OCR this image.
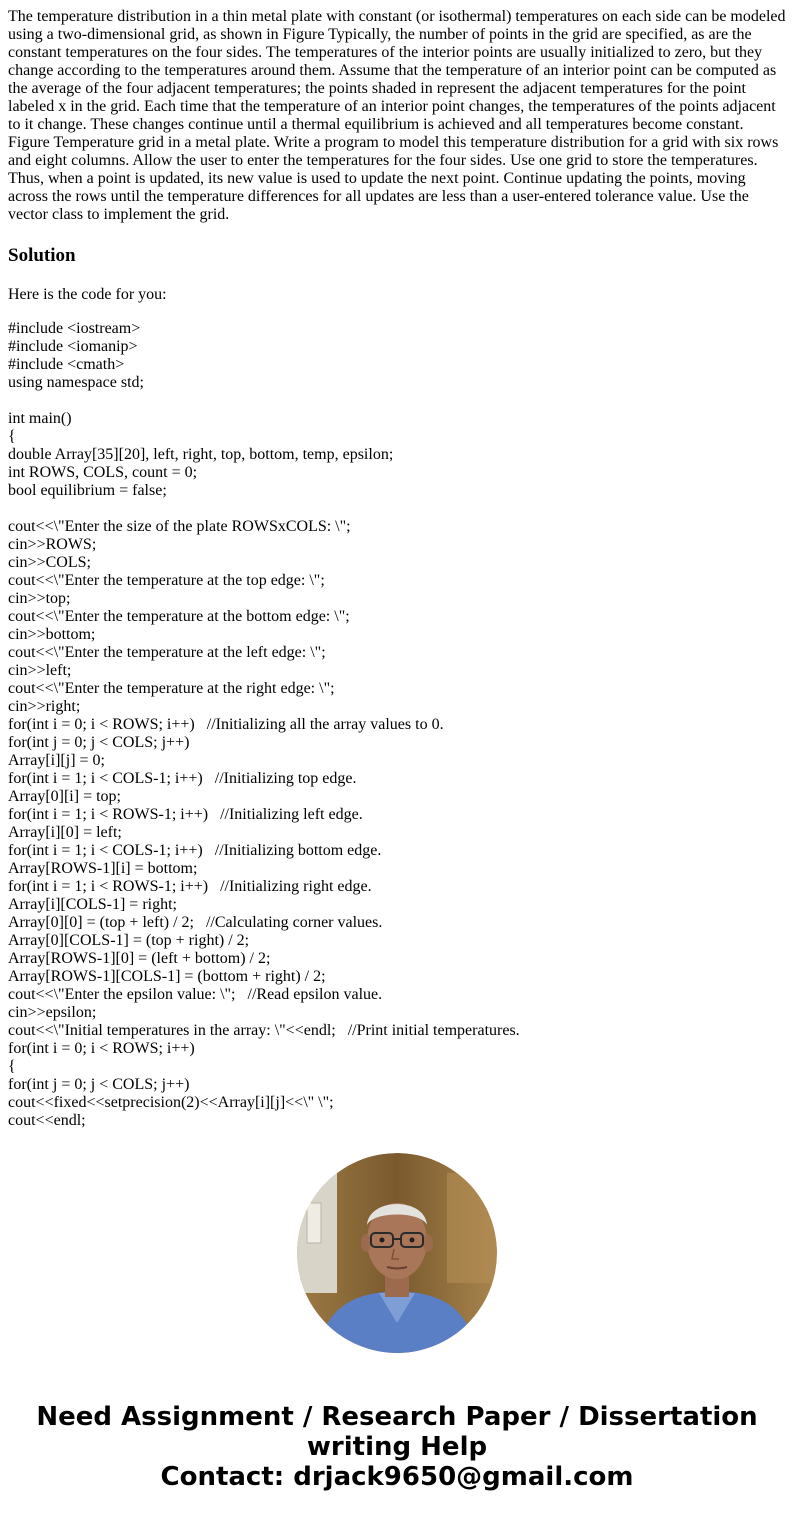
The temperature distribution in a thin metal plate with constant (or isothermal) temperatures on each side can be modeled using a two-dimensional grid, as shown in Figure Typically, the number of points in the grid are specified, as are the constant temperatures on the four sides. The temperatures of the interior points are usually initialized to zero, but they change according to the temperatures around them. Assume that the temperature of an interior point can be computed as the average of the four adjacent temperatures; the points shaded in represent the adjacent temperatures for the point labeled x in the grid. Each time that the temperature of an interior point changes, the temperatures of the points adjacent to it change. These changes continue until a thermal equilibrium is achieved and all temperatures become constant. Figure Temperature grid in a metal plate. Write a program to model this temperature distribution for a grid with six rows and eight columns. Allow the user to enter the temperatures for the four sides. Use one grid to store the temperatures. Thus, when a point is updated, its new value is used to update the next point. Continue updating the points, moving across the rows until the temperature differences for all updates are less than a user-entered tolerance value. Use the vector class to implement the grid.

Solution

Here is the code for you:

#include <iostream>
#include <iomanip>
#include <cmath>
using namespace std;
int main()
{
double Array[35][20], left, right, top, bottom, temp, epsilon;
int ROWS, COLS, count = 0;
bool equilibrium = false;
cout<<\"Enter the size of the plate ROWSxCOLS: \";
cin>>ROWS;
cin>>COLS;
cout<<\"Enter the temperature at the top edge: \";
cin>>top;
cout<<\"Enter the temperature at the bottom edge: \";
cin>>bottom;
cout<<\"Enter the temperature at the left edge: \";
cin>>left;
cout<<\"Enter the temperature at the right edge: \";
cin>>right;
for(int i = 0; i < ROWS; i++)   //Initializing all the array values to 0.
for(int j = 0; j < COLS; j++)
Array[i][j] = 0;
for(int i = 1; i < COLS-1; i++)   //Initializing top edge.
Array[0][i] = top;
for(int i = 1; i < ROWS-1; i++)   //Initializing left edge.
Array[i][0] = left;
for(int i = 1; i < COLS-1; i++)   //Initializing bottom edge.
Array[ROWS-1][i] = bottom;
for(int i = 1; i < ROWS-1; i++)   //Initializing right edge.
Array[i][COLS-1] = right;
Array[0][0] = (top + left) / 2;   //Calculating corner values.
Array[0][COLS-1] = (top + right) / 2;
Array[ROWS-1][0] = (left + bottom) / 2;
Array[ROWS-1][COLS-1] = (bottom + right) / 2;
cout<<\"Enter the epsilon value: \";   //Read epsilon value.
cin>>epsilon;
cout<<\"Initial temperatures in the array: \"<<endl;   //Print initial temperatures.
for(int i = 0; i < ROWS; i++)
{
for(int j = 0; j < COLS; j++)
cout<<fixed<<setprecision(2)<<Array[i][j]<<\" \";
cout<<endl;
Need Assignment / Research Paper / Dissertation
writing Help
Contact: drjack9650@gmail.com
